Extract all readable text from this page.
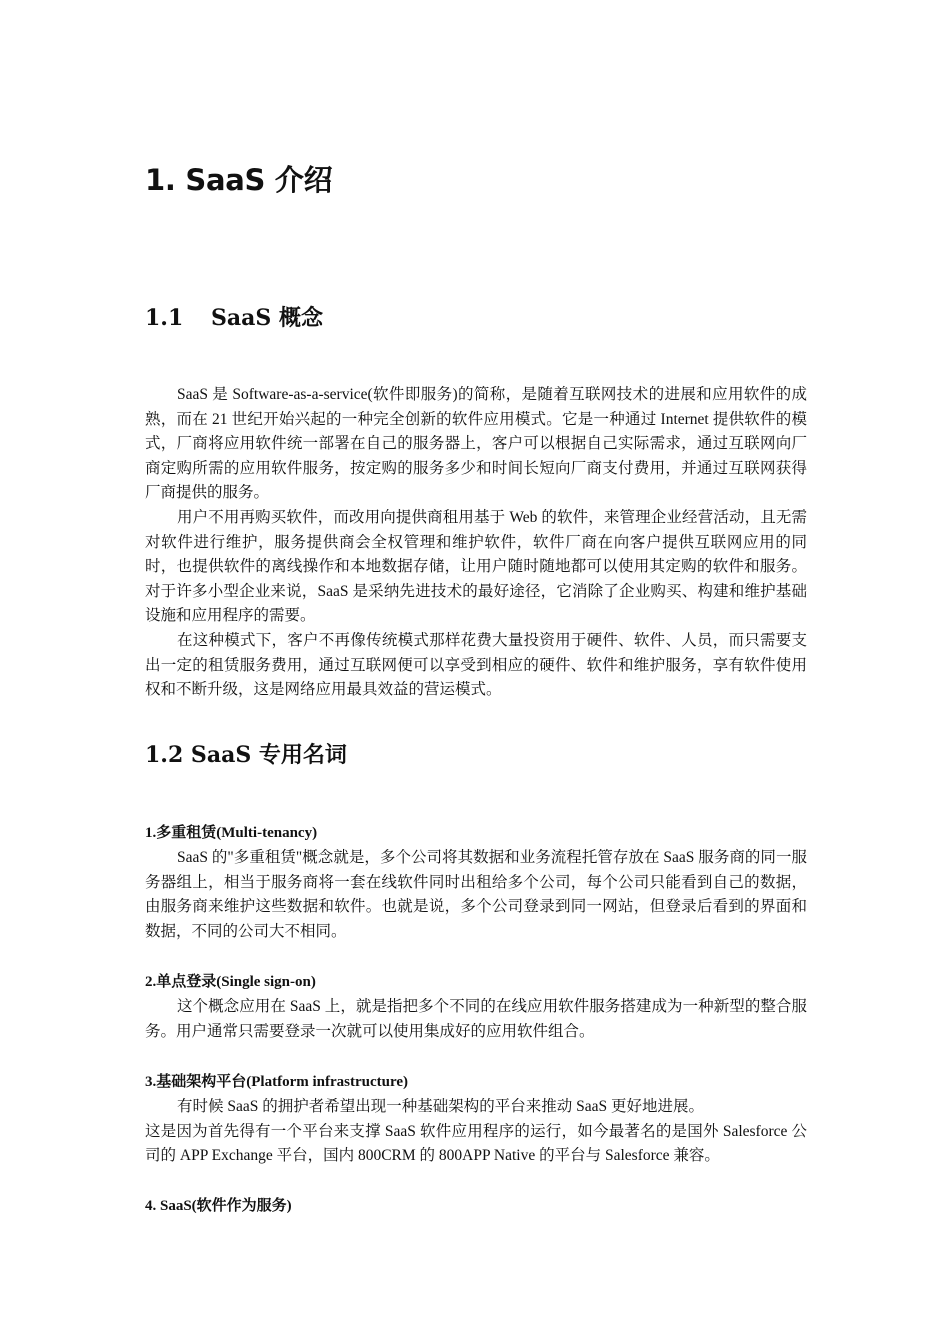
1. SaaS 介绍
1.1 SaaS 概念

SaaS 是 Software-as-a-service(软件即服务)的简称，是随着互联网技术的进展和应用软件的成熟，而在 21 世纪开始兴起的一种完全创新的软件应用模式。它是一种通过 Internet 提供软件的模式，厂商将应用软件统一部署在自己的服务器上，客户可以根据自己实际需求，通过互联网向厂商定购所需的应用软件服务，按定购的服务多少和时间长短向厂商支付费用，并通过互联网获得厂商提供的服务。

用户不用再购买软件，而改用向提供商租用基于 Web 的软件，来管理企业经营活动，且无需对软件进行维护，服务提供商会全权管理和维护软件，软件厂商在向客户提供互联网应用的同时，也提供软件的离线操作和本地数据存储，让用户随时随地都可以使用其定购的软件和服务。对于许多小型企业来说，SaaS 是采纳先进技术的最好途径，它消除了企业购买、构建和维护基础设施和应用程序的需要。

在这种模式下，客户不再像传统模式那样花费大量投资用于硬件、软件、人员，而只需要支出一定的租赁服务费用，通过互联网便可以享受到相应的硬件、软件和维护服务，享有软件使用权和不断升级，这是网络应用最具效益的营运模式。

1.2 SaaS 专用名词
1.多重租赁(Multi-tenancy)

SaaS 的"多重租赁"概念就是，多个公司将其数据和业务流程托管存放在 SaaS 服务商的同一服务器组上，相当于服务商将一套在线软件同时出租给多个公司，每个公司只能看到自己的数据，由服务商来维护这些数据和软件。也就是说，多个公司登录到同一网站，但登录后看到的界面和数据，不同的公司大不相同。

2.单点登录(Single sign-on)

这个概念应用在 SaaS 上，就是指把多个不同的在线应用软件服务搭建成为一种新型的整合服务。用户通常只需要登录一次就可以使用集成好的应用软件组合。

3.基础架构平台(Platform infrastructure)

有时候 SaaS 的拥护者希望出现一种基础架构的平台来推动 SaaS 更好地进展。

这是因为首先得有一个平台来支撑 SaaS 软件应用程序的运行，如今最著名的是国外 Salesforce 公司的 APP Exchange 平台，国内 800CRM 的 800APP Native 的平台与 Salesforce 兼容。

4. SaaS(软件作为服务)
